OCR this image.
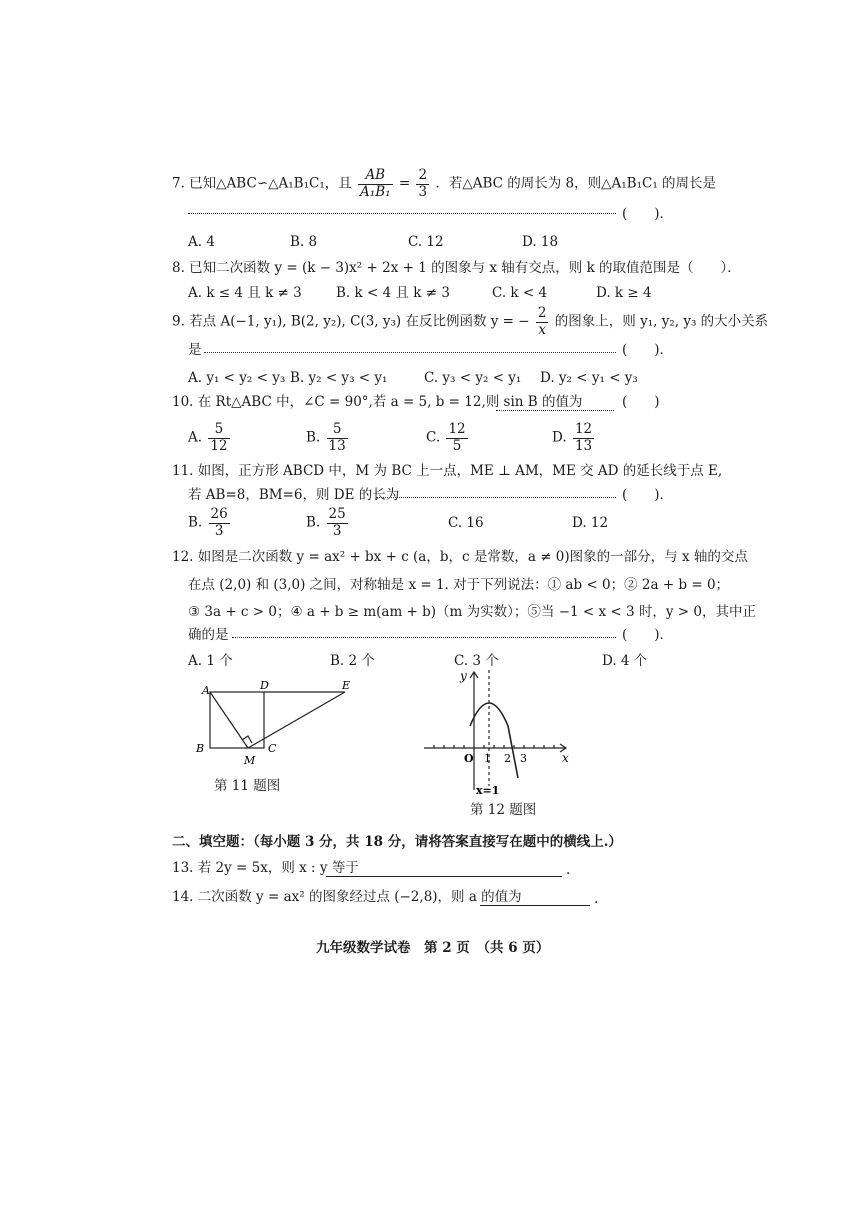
7. 已知△ABC∽△A₁B₁C₁，且 $\frac{AB}{\text{A₁B₁}} = \frac{2}{3}$ ．若△ABC 的周长为 8，则△A₁B₁C₁ 的周长是
(　　)．
A. 4	B. 8	C. 12	D. 18
8. 已知二次函数 y = (k − 3)x² + 2x + 1 的图象与 x 轴有交点，则 k 的取值范围是（　　）．
A. k ≤ 4 且 k ≠ 3	B. k < 4 且 k ≠ 3	C. k < 4	D. k ≥ 4
9. 若点 A(−1, y₁), B(2, y₂), C(3, y₃) 在反比例函数 y = − $\frac{2}{x}$ 的图象上，则 y₁, y₂, y₃ 的大小关系
是	(　　)．
A. y₁ < y₂ < y₃ B. y₂ < y₃ < y₁	C. y₃ < y₂ < y₁ D. y₂ < y₁ < y₃
10. 在 Rt△ABC 中，∠C = 90°,若 a = 5, b = 12,则 sin B 的值为	(　　)
A. $\frac{5}{12}$	B. $\frac{5}{13}$	C. $\frac{12}{5}$	D. $\frac{12}{13}$
11. 如图，正方形 ABCD 中，M 为 BC 上一点，ME ⊥ AM，ME 交 AD 的延长线于点 E,
若 AB=8，BM=6，则 DE 的长为	(　　)．
B. $\frac{26}{3}$	B. $\frac{25}{3}$	C. 16	D. 12
12. 如图是二次函数 y = ax² + bx + c (a，b，c 是常数，a ≠ 0)图象的一部分，与 x 轴的交点
在点 (2,0) 和 (3,0) 之间，对称轴是 x = 1. 对于下列说法：① ab < 0；② 2a + b = 0；
③ 3a + c > 0；④ a + b ≥ m(am + b)（m 为实数）；⑤当 −1 < x < 3 时，y > 0，其中正
确的是	(　　)．
A. 1 个	B. 2 个	C. 3 个	D. 4 个
A	D	E
B	C
M
第 11 题图
y
x
O 1 2 3
x=1
第 12 题图
二、填空题：（每小题 3 分，共 18 分，请将答案直接写在题中的横线上.）
13. 若 2y = 5x，则 x : y 等于	.
14. 二次函数 y = ax² 的图象经过点 (−2,8)，则 a 的值为	.
九年级数学试卷　第 2 页　（共 6 页）
